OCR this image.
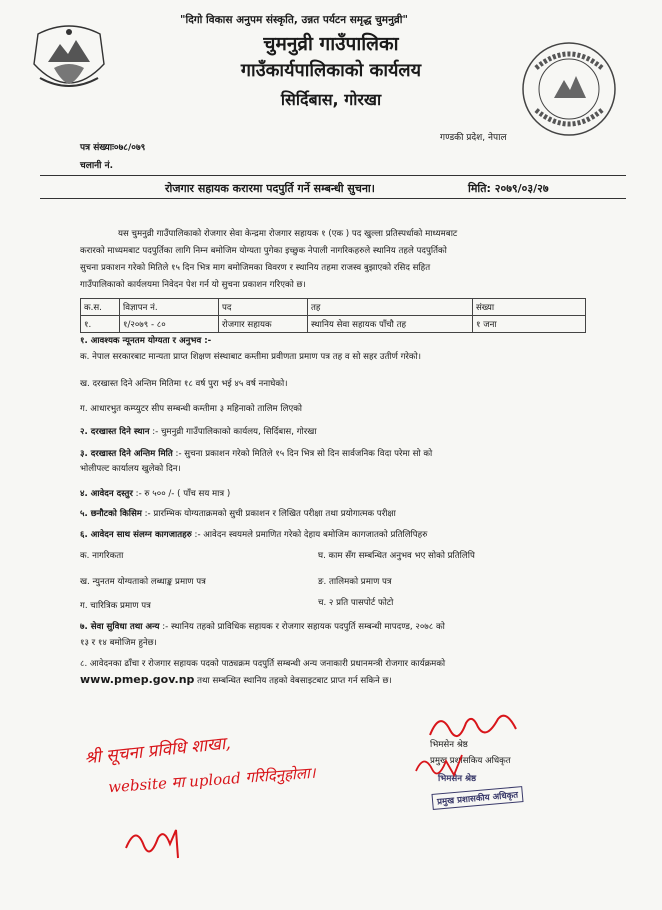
"दिगो विकास अनुपम संस्कृति, उन्नत पर्यटन समृद्ध चुमनुव्री"
चुमनुव्री गाउँपालिका
गाउँकार्यपालिकाको कार्यलय
सिर्दिबास, गोरखा
गण्डकी प्रदेश, नेपाल
पत्र संख्याः०७८/०७९
चलानी नं.
रोजगार सहायक करारमा पदपुर्ति गर्ने सम्बन्धी सुचना।	मिति: २०७९/०३/२७
यस चुमनुव्री गाउँपालिकाको रोजगार सेवा केन्द्रमा रोजगार सहायक १ (एक ) पद खुल्ला प्रतिस्पर्धाको माध्यमबाट
करारको माध्यमबाट पदपुर्तिका लागि निम्न बमोजिम योग्यता पुगेका इच्छुक नेपाली नागरिकहरुले स्थानिय तहले पदपुर्तिको
सुचना प्रकाशन गरेको मितिले १५ दिन भित्र माग बमोजिमका विवरण र स्थानिय तहमा राजस्व बुझाएको रसिद सहित
गाउँपालिकाको कार्यलयमा निवेदन पेश गर्न यो सुचना प्रकाशन गरिएको छ।
क.स.	विज्ञापन नं.	पद	तह	संख्या
१.	१/२०७९ - ८०	रोजगार सहायक	स्थानिय सेवा सहायक पाँचौ तह	१ जना
१. आवश्यक न्यूनतम योग्यता र अनुभव :-
क. नेपाल सरकारबाट मान्यता प्राप्त शिक्षण संस्थाबाट कम्तीमा प्रवीणता प्रमाण पत्र तह व सो सहर उतीर्ण गरेको।
ख. दरखास्त दिने अन्तिम मितिमा १८ वर्ष पुरा भई ४५ वर्ष ननाघेको।
ग. आधारभुत कम्प्युटर सीप सम्बन्धी कम्तीमा ३ महिनाको तालिम लिएको
२. दरखास्त दिने स्थान :- चुमनुव्री गाउँपालिकाको कार्यलय, सिर्दिबास, गोरखा
३. दरखास्त दिने अन्तिम मिति :- सुचना प्रकाशन गरेको मितिले १५ दिन भित्र सो दिन सार्वजनिक विदा परेमा सो को
भोलीपल्ट कार्यालय खुलेको दिन।
४. आवेदन दस्तुर :- रु ५०० /- ( पाँच सय मात्र )
५. छनौटको किसिम :- प्रारम्भिक योग्यताक्रमको सुची प्रकाशन र लिखित परीक्षा तथा प्रयोगात्मक परीक्षा
६. आवेदन साथ संलग्न कागजातहरु :- आवेदन स्वयमले प्रमाणित गरेको देहाय बमोजिम कागजातको प्रतिलिपिहरु
क. नागरिकता	घ. काम सँग सम्बन्धित अनुभव भए सोको प्रतिलिपि
ख. न्युनतम योग्यताको लब्धाङ्क प्रमाण पत्र	ङ. तालिमको प्रमाण पत्र
ग. चारित्रिक प्रमाण पत्र	च. २ प्रति पासपोर्ट फोटो
७. सेवा सुविधा तथा अन्य :- स्थानिय तहको प्राविधिक सहायक र रोजगार सहायक पदपुर्ति सम्बन्धी मापदण्ड, २०७८ को
१३ र १४ बमोजिम हुनेछ।
८. आवेदनका ढाँचा र रोजगार सहायक पदको पाठ्यक्रम पदपुर्ति सम्बन्धी अन्य जनाकारी प्रधानमन्त्री रोजगार कार्यक्रमको
www.pmep.gov.np तथा सम्बन्धित स्थानिय तहको वेबसाइटबाट प्राप्त गर्न सकिने छ।
भिमसेन श्रेष्ठ
प्रमुख प्रशासकिय अधिकृत
भिमसेन श्रेष्ठ
प्रमुख प्रशासकीय अधिकृत
श्री सूचना प्रविधि शाखा,
website मा upload गरिदिनुहोला।
